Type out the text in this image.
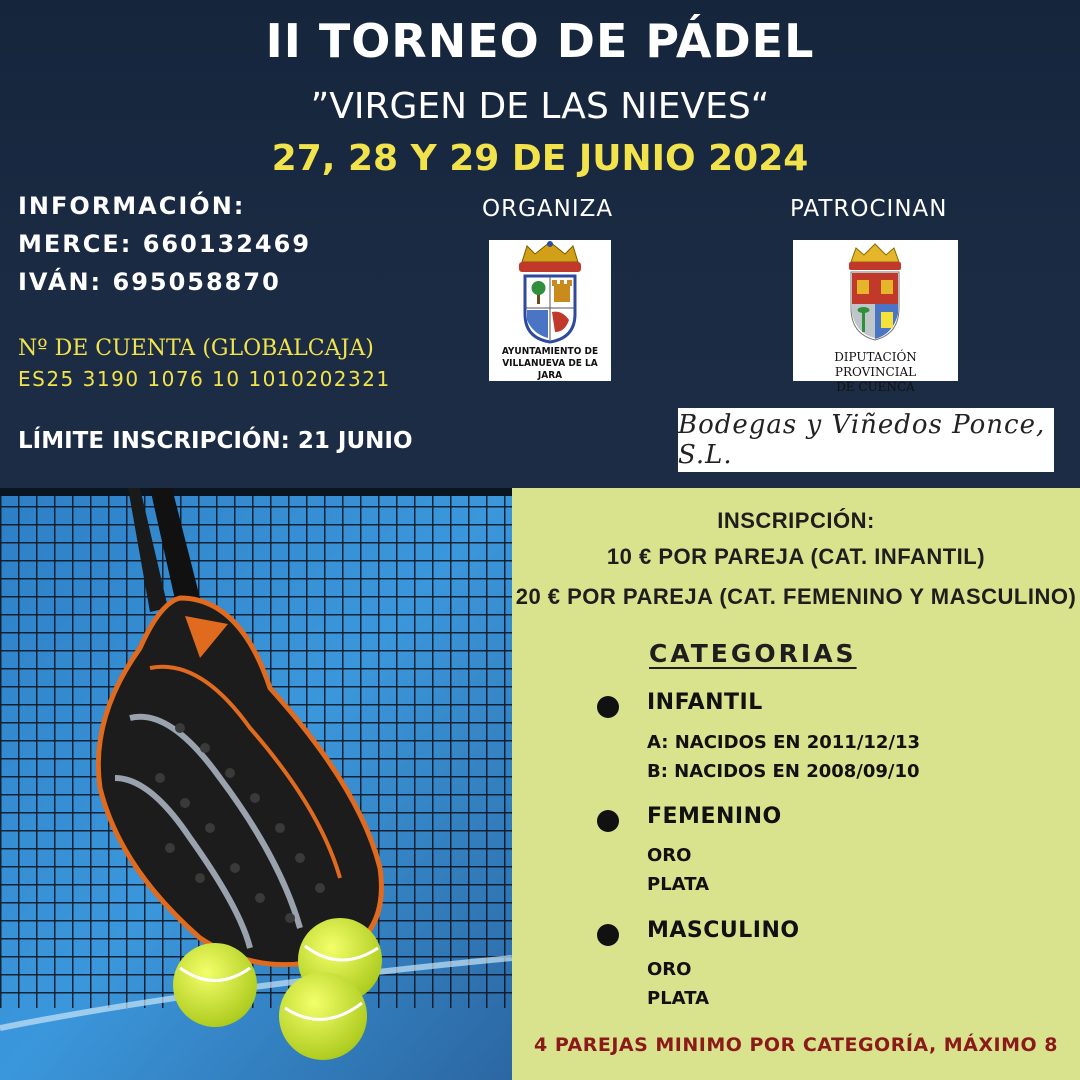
II TORNEO DE PÁDEL
”VIRGEN DE LAS NIEVES“
27, 28 Y 29 DE JUNIO 2024
INFORMACIÓN:
MERCE: 660132469
IVÁN: 695058870
Nº DE CUENTA (GLOBALCAJA)
ES25 3190 1076 10 1010202321
LÍMITE INSCRIPCIÓN: 21 JUNIO
ORGANIZA	PATROCINAN
AYUNTAMIENTO DE
VILLANUEVA DE LA JARA
DIPUTACIÓN PROVINCIAL
DE CUENCA
Bodegas y Viñedos Ponce, S.L.
INSCRIPCIÓN:
10 € POR PAREJA (CAT. INFANTIL)
20 € POR PAREJA (CAT. FEMENINO Y MASCULINO)
CATEGORIAS
INFANTIL
A: NACIDOS EN 2011/12/13
B: NACIDOS EN 2008/09/10
FEMENINO
ORO
PLATA
MASCULINO
ORO
PLATA
4 PAREJAS MINIMO POR CATEGORÍA, MÁXIMO 8
